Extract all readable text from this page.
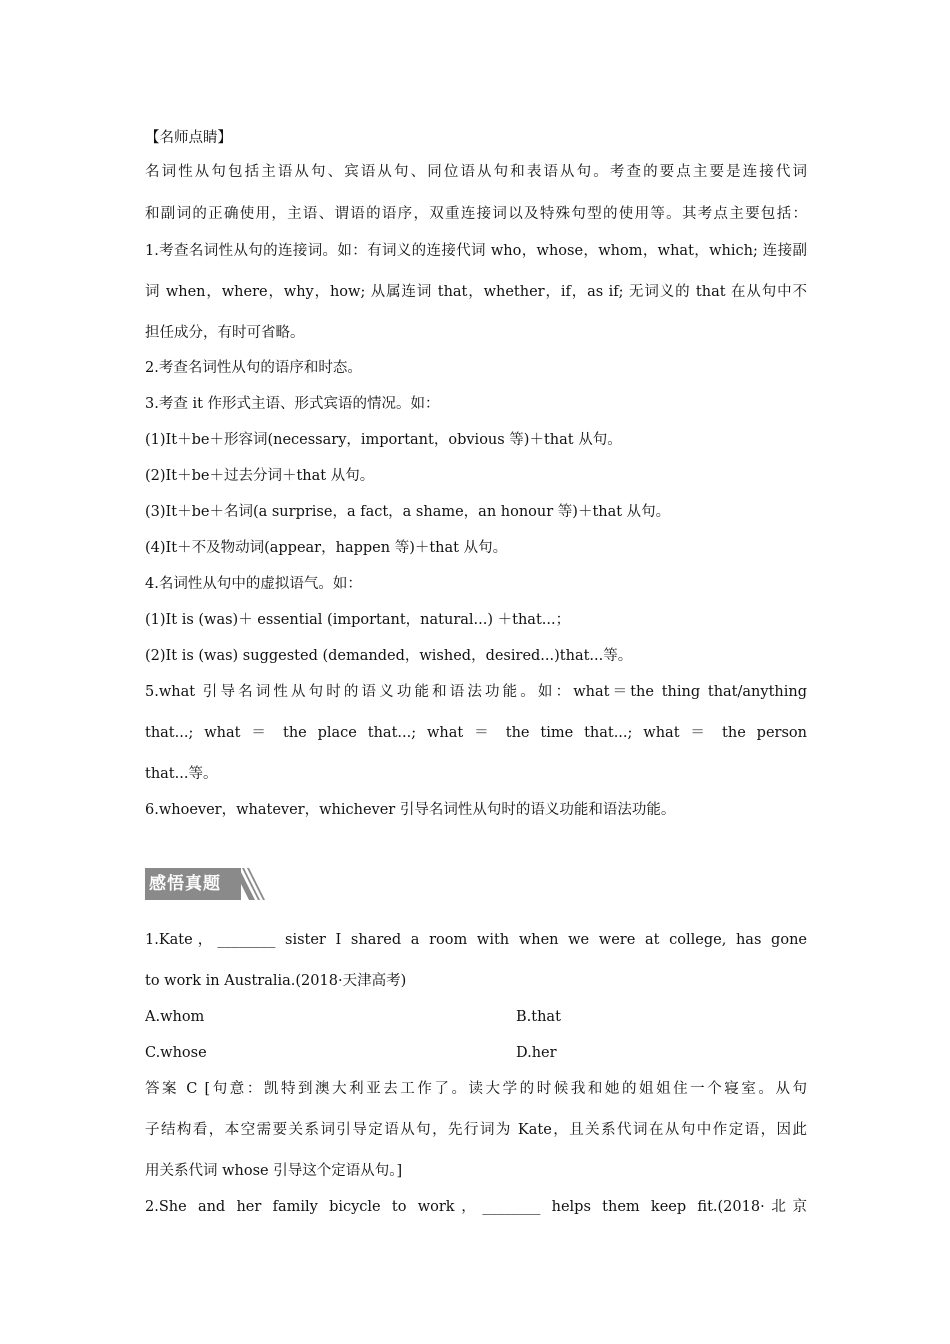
【名师点睛】
名词性从句包括主语从句、宾语从句、同位语从句和表语从句。考查的要点主要是连接代词
和副词的正确使用，主语、谓语的语序，双重连接词以及特殊句型的使用等。其考点主要包括：
1.考查名词性从句的连接词。如：有词义的连接代词 who，whose，whom，what，which; 连接副
词 when，where，why，how; 从属连词 that，whether，if，as if; 无词义的 that 在从句中不
担任成分，有时可省略。
2.考查名词性从句的语序和时态。
3.考查 it 作形式主语、形式宾语的情况。如：
(1)It＋be＋形容词(necessary，important，obvious 等)＋that 从句。
(2)It＋be＋过去分词＋that 从句。
(3)It＋be＋名词(a surprise，a fact，a shame，an honour 等)＋that 从句。
(4)It＋不及物动词(appear，happen 等)＋that 从句。
4.名词性从句中的虚拟语气。如：
(1)It is (was)＋ essential (important，natural...) ＋that...；
(2)It is (was) suggested (demanded，wished，desired...)that...等。
5.what 引导名词性从句时的语义功能和语法功能。如：what＝the thing that/anything
that...; what ＝ the place that...; what ＝ the time that...; what ＝ the person
that...等。
6.whoever，whatever，whichever 引导名词性从句时的语义功能和语法功能。
感悟真题
1.Kate，________ sister I shared a room with when we were at college, has gone
to work in Australia.(2018·天津高考)
A.whom	B.that
C.whose	D.her
答案 C [句意：凯特到澳大利亚去工作了。读大学的时候我和她的姐姐住一个寝室。从句
子结构看，本空需要关系词引导定语从句，先行词为 Kate，且关系代词在从句中作定语，因此
用关系代词 whose 引导这个定语从句。]
2.She and her family bicycle to work，________ helps them keep fit.(2018·北京
